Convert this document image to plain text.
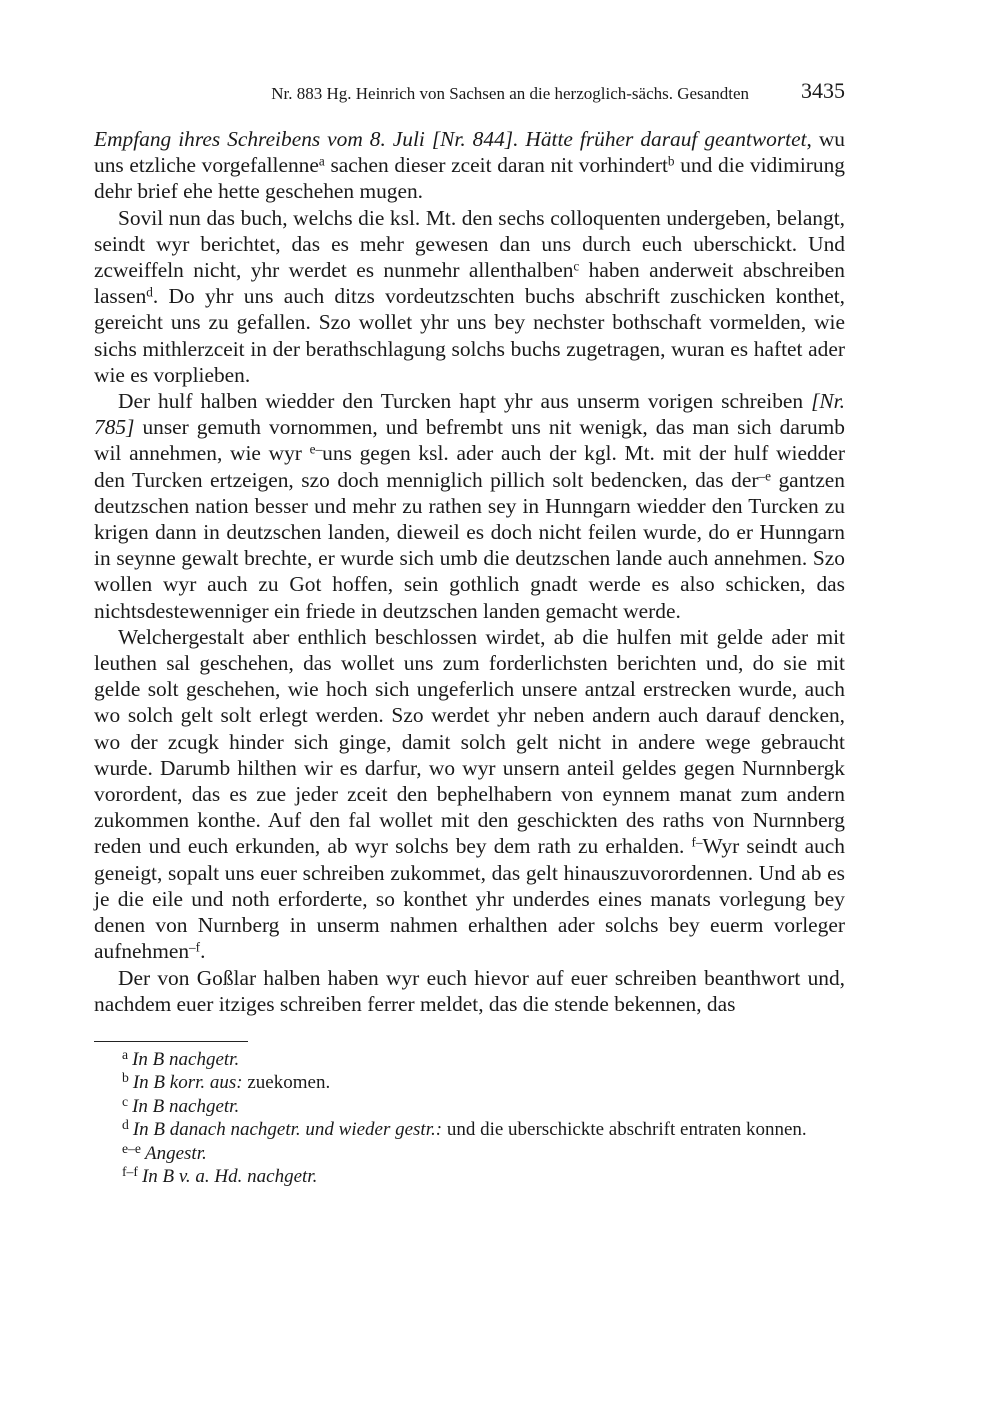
Nr. 883 Hg. Heinrich von Sachsen an die herzoglich-sächs. Gesandten 3435

Empfang ihres Schreibens vom 8. Juli [Nr. 844]. Hätte früher darauf geantwortet, wu uns etzliche vorgefallenne$^a$ sachen dieser zceit daran nit vorhindert$^b$ und die vidimirung dehr brief ehe hette geschehen mugen.

Sovil nun das buch, welchs die ksl. Mt. den sechs colloquenten undergeben, belangt, seindt wyr berichtet, das es mehr gewesen dan uns durch euch uberschickt. Und zcweiffeln nicht, yhr werdet es nunmehr allenthalben$^c$ haben anderweit abschreiben lassen$^d$. Do yhr uns auch ditzs vordeutzschten buchs abschrift zuschicken konthet, gereicht uns zu gefallen. Szo wollet yhr uns bey nechster bothschaft vormelden, wie sichs mithlerzceit in der berathschlagung solchs buchs zugetragen, wuran es haftet ader wie es vorplieben.

Der hulf halben wiedder den Turcken hapt yhr aus unserm vorigen schreiben [Nr. 785] unser gemuth vornommen, und befrembt uns nit wenigk, das man sich darumb wil annehmen, wie wyr $^{e-}$uns gegen ksl. ader auch der kgl. Mt. mit der hulf wiedder den Turcken ertzeigen, szo doch menniglich pillich solt bedencken, das der$^{-e}$ gantzen deutzschen nation besser und mehr zu rathen sey in Hunngarn wiedder den Turcken zu krigen dann in deutzschen landen, dieweil es doch nicht feilen wurde, do er Hunngarn in seynne gewalt brechte, er wurde sich umb die deutzschen lande auch annehmen. Szo wollen wyr auch zu Got hoffen, sein gothlich gnadt werde es also schicken, das nichtsdestewenniger ein friede in deutzschen landen gemacht werde.

Welchergestalt aber enthlich beschlossen wirdet, ab die hulfen mit gelde ader mit leuthen sal geschehen, das wollet uns zum forderlichsten berichten und, do sie mit gelde solt geschehen, wie hoch sich ungeferlich unsere antzal erstrecken wurde, auch wo solch gelt solt erlegt werden. Szo werdet yhr neben andern auch darauf dencken, wo der zcugk hinder sich ginge, damit solch gelt nicht in andere wege gebraucht wurde. Darumb hilthen wir es darfur, wo wyr unsern anteil geldes gegen Nurnnbergk vorordent, das es zue jeder zceit den bephelhabern von eynnem manat zum andern zukommen konthe. Auf den fal wollet mit den geschickten des raths von Nurnnberg reden und euch erkunden, ab wyr solchs bey dem rath zu erhalden. $^{f-}$Wyr seindt auch geneigt, sopalt uns euer schreiben zukommet, das gelt hinauszuvorordennen. Und ab es je die eile und noth erforderte, so konthet yhr underdes eines manats vorlegung bey denen von Nurnberg in unserm nahmen erhalthen ader solchs bey euerm vorleger aufnehmen$^{-f}$.

Der von Goßlar halben haben wyr euch hievor auf euer schreiben beanthwort und, nachdem euer itziges schreiben ferrer meldet, das die stende bekennen, das

$^a$ In B nachgetr.
$^b$ In B korr. aus: zuekomen.
$^c$ In B nachgetr.
$^d$ In B danach nachgetr. und wieder gestr.: und die uberschickte abschrift entraten konnen.
$^{e-e}$ Angestr.
$^{f-f}$ In B v. a. Hd. nachgetr.
